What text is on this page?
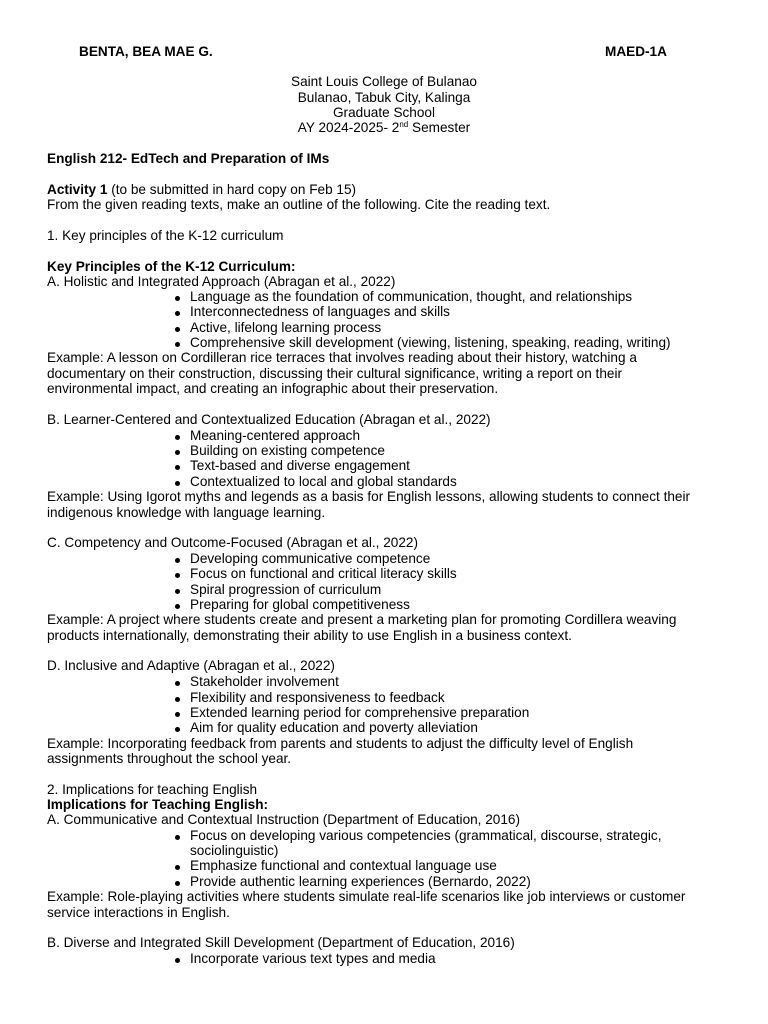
BENTA, BEA MAE G.	MAED-1A
Saint Louis College of Bulanao
Bulanao, Tabuk City, Kalinga
Graduate School
AY 2024-2025- 2nd Semester
English 212- EdTech and Preparation of IMs
Activity 1 (to be submitted in hard copy on Feb 15)
From the given reading texts, make an outline of the following. Cite the reading text.
1. Key principles of the K-12 curriculum
Key Principles of the K-12 Curriculum:
A. Holistic and Integrated Approach (Abragan et al., 2022)
Language as the foundation of communication, thought, and relationships
Interconnectedness of languages and skills
Active, lifelong learning process
Comprehensive skill development (viewing, listening, speaking, reading, writing)
Example: A lesson on Cordilleran rice terraces that involves reading about their history, watching a
documentary on their construction, discussing their cultural significance, writing a report on their
environmental impact, and creating an infographic about their preservation.
B. Learner-Centered and Contextualized Education (Abragan et al., 2022)
Meaning-centered approach
Building on existing competence
Text-based and diverse engagement
Contextualized to local and global standards
Example: Using Igorot myths and legends as a basis for English lessons, allowing students to connect their
indigenous knowledge with language learning.
C. Competency and Outcome-Focused (Abragan et al., 2022)
Developing communicative competence
Focus on functional and critical literacy skills
Spiral progression of curriculum
Preparing for global competitiveness
Example: A project where students create and present a marketing plan for promoting Cordillera weaving
products internationally, demonstrating their ability to use English in a business context.
D. Inclusive and Adaptive (Abragan et al., 2022)
Stakeholder involvement
Flexibility and responsiveness to feedback
Extended learning period for comprehensive preparation
Aim for quality education and poverty alleviation
Example: Incorporating feedback from parents and students to adjust the difficulty level of English
assignments throughout the school year.
2. Implications for teaching English
Implications for Teaching English:
A. Communicative and Contextual Instruction (Department of Education, 2016)
Focus on developing various competencies (grammatical, discourse, strategic,
sociolinguistic)
Emphasize functional and contextual language use
Provide authentic learning experiences (Bernardo, 2022)
Example: Role-playing activities where students simulate real-life scenarios like job interviews or customer
service interactions in English.
B. Diverse and Integrated Skill Development (Department of Education, 2016)
Incorporate various text types and media
